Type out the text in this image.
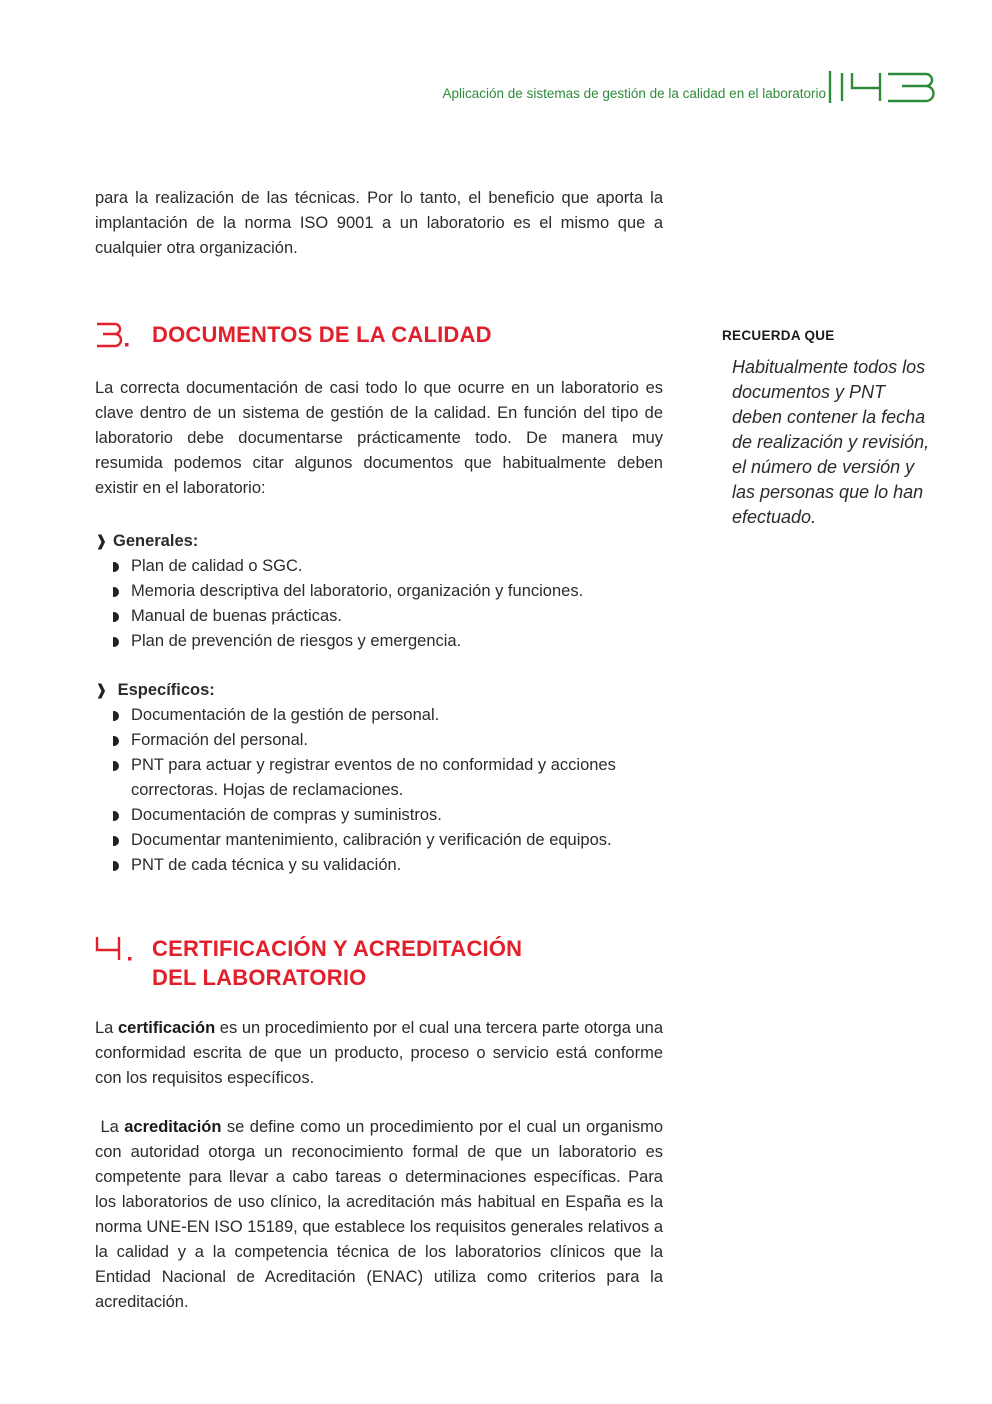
Aplicación de sistemas de gestión de la calidad en el laboratorio

para la realización de las técnicas. Por lo tanto, el beneficio que aporta la implantación de la norma ISO 9001 a un laboratorio es el mismo que a cualquier otra organización.

DOCUMENTOS DE LA CALIDAD

La correcta documentación de casi todo lo que ocurre en un laboratorio es clave dentro de un sistema de gestión de la calidad. En función del tipo de laboratorio debe documentarse prácticamente todo. De manera muy resumida podemos citar algunos documentos que habitualmente deben existir en el laboratorio:

❱ Generales:
Plan de calidad o SGC.
Memoria descriptiva del laboratorio, organización y funciones.
Manual de buenas prácticas.
Plan de prevención de riesgos y emergencia.
❱ Específicos:
Documentación de la gestión de personal.
Formación del personal.
PNT para actuar y registrar eventos de no conformidad y acciones correctoras. Hojas de reclamaciones.
Documentación de compras y suministros.
Documentar mantenimiento, calibración y verificación de equipos.
PNT de cada técnica y su validación.
CERTIFICACIÓN Y ACREDITACIÓN
DEL LABORATORIO

La certificación es un procedimiento por el cual una tercera parte otorga una conformidad escrita de que un producto, proceso o servicio está conforme con los requisitos específicos.

La acreditación se define como un procedimiento por el cual un organismo con autoridad otorga un reconocimiento formal de que un laboratorio es competente para llevar a cabo tareas o determinaciones específicas. Para los laboratorios de uso clínico, la acreditación más habitual en España es la norma UNE-EN ISO 15189, que establece los requisitos generales relativos a la calidad y a la competencia técnica de los laboratorios clínicos que la Entidad Nacional de Acreditación (ENAC) utiliza como criterios para la acreditación.

RECUERDA QUE
Habitualmente todos los documentos y PNT deben contener la fecha de realización y revisión, el número de versión y las personas que lo han efectuado.
